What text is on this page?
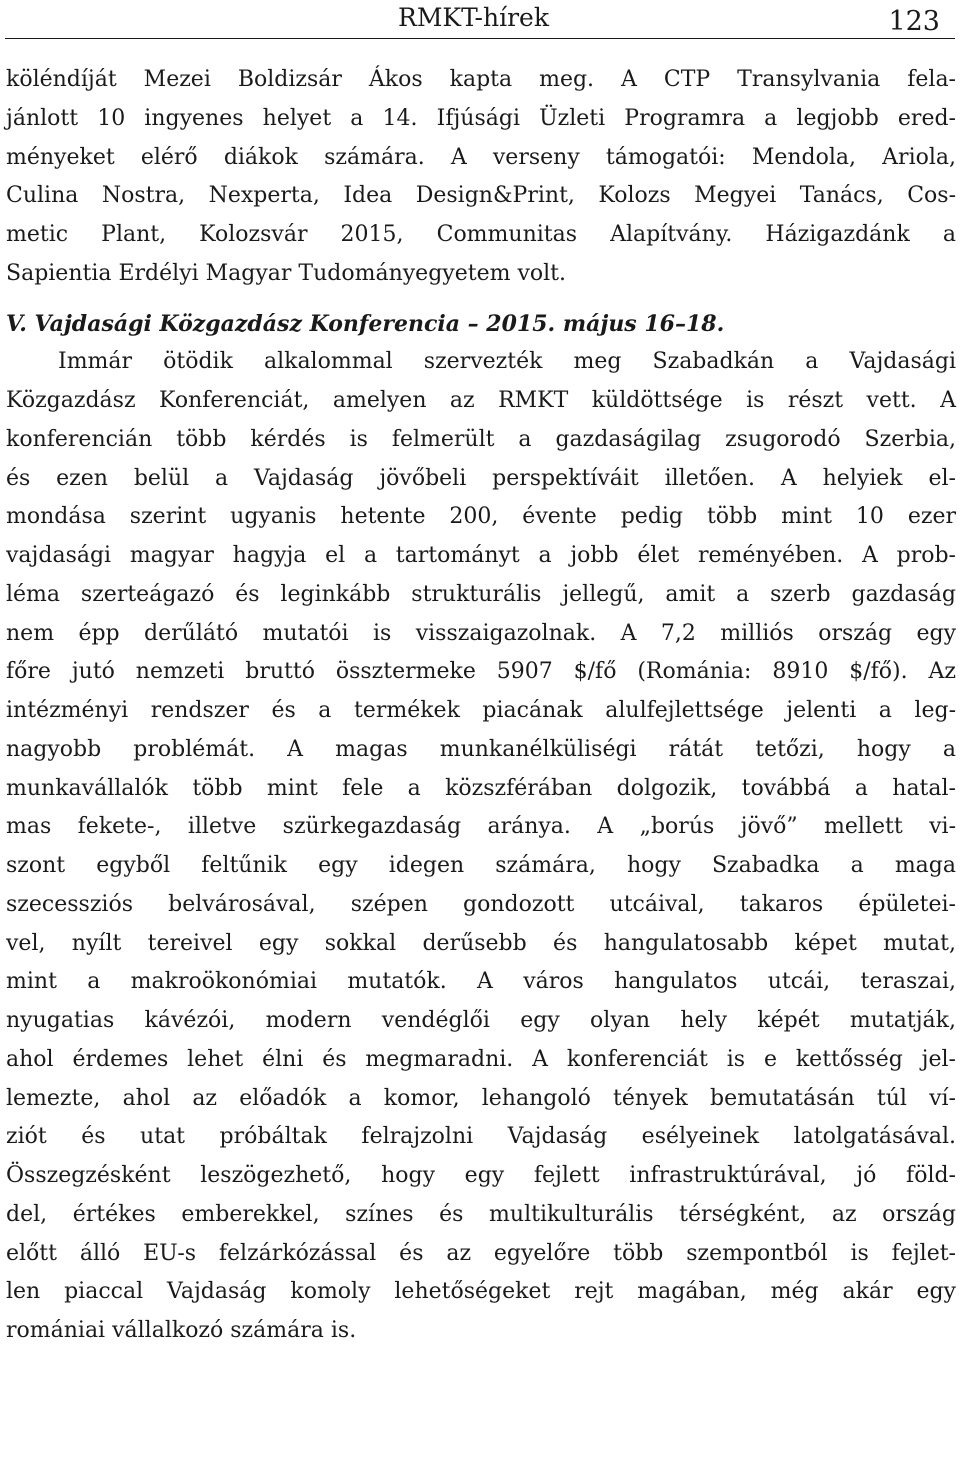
RMKT-hírek	123
köléndíját Mezei Boldizsár Ákos kapta meg. A CTP Transylvania fela-
jánlott 10 ingyenes helyet a 14. Ifjúsági Üzleti Programra a legjobb ered-
ményeket elérő diákok számára. A verseny támogatói: Mendola, Ariola,
Culina Nostra, Nexperta, Idea Design&Print, Kolozs Megyei Tanács, Cos-
metic Plant, Kolozsvár 2015, Communitas Alapítvány. Házigazdánk a
Sapientia Erdélyi Magyar Tudományegyetem volt.
V. Vajdasági Közgazdász Konferencia – 2015. május 16–18.
Immár ötödik alkalommal szervezték meg Szabadkán a Vajdasági
Közgazdász Konferenciát, amelyen az RMKT küldöttsége is részt vett. A
konferencián több kérdés is felmerült a gazdaságilag zsugorodó Szerbia,
és ezen belül a Vajdaság jövőbeli perspektíváit illetően. A helyiek el-
mondása szerint ugyanis hetente 200, évente pedig több mint 10 ezer
vajdasági magyar hagyja el a tartományt a jobb élet reményében. A prob-
léma szerteágazó és leginkább strukturális jellegű, amit a szerb gazdaság
nem épp derűlátó mutatói is visszaigazolnak. A 7,2 milliós ország egy
főre jutó nemzeti bruttó össztermeke 5907 $/fő (Románia: 8910 $/fő). Az
intézményi rendszer és a termékek piacának alulfejlettsége jelenti a leg-
nagyobb problémát. A magas munkanélküliségi rátát tetőzi, hogy a
munkavállalók több mint fele a közszférában dolgozik, továbbá a hatal-
mas fekete-, illetve szürkegazdaság aránya. A „borús jövő” mellett vi-
szont egyből feltűnik egy idegen számára, hogy Szabadka a maga
szecessziós belvárosával, szépen gondozott utcáival, takaros épületei-
vel, nyílt tereivel egy sokkal derűsebb és hangulatosabb képet mutat,
mint a makroökonómiai mutatók. A város hangulatos utcái, teraszai,
nyugatias kávézói, modern vendéglői egy olyan hely képét mutatják,
ahol érdemes lehet élni és megmaradni. A konferenciát is e kettősség jel-
lemezte, ahol az előadók a komor, lehangoló tények bemutatásán túl ví-
ziót és utat próbáltak felrajzolni Vajdaság esélyeinek latolgatásával.
Összegzésként leszögezhető, hogy egy fejlett infrastruktúrával, jó föld-
del, értékes emberekkel, színes és multikulturális térségként, az ország
előtt álló EU-s felzárkózással és az egyelőre több szempontból is fejlet-
len piaccal Vajdaság komoly lehetőségeket rejt magában, még akár egy
romániai vállalkozó számára is.
